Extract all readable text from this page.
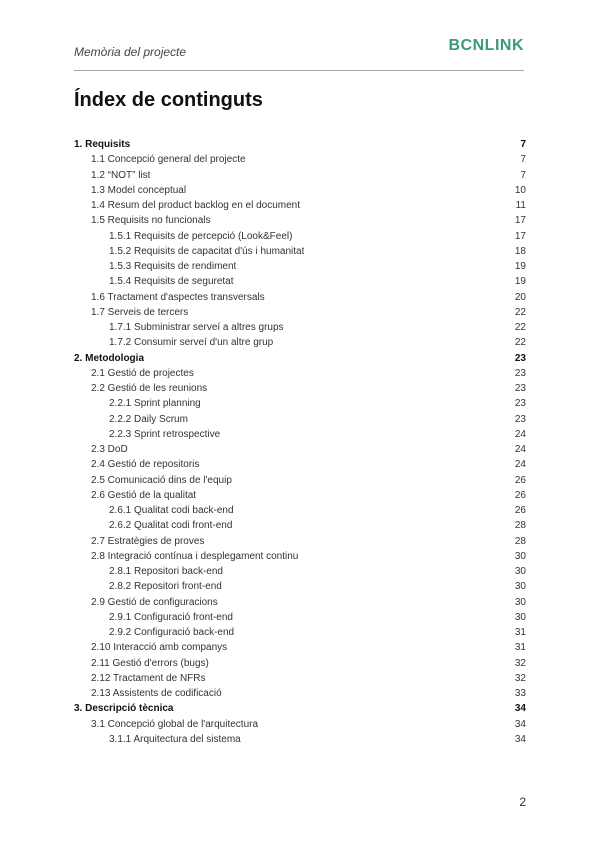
Memòria del projecte	BCNLINK
Índex de continguts
1. Requisits	7
1.1 Concepció general del projecte	7
1.2 “NOT” list	7
1.3 Model conceptual	10
1.4 Resum del product backlog en el document	11
1.5 Requisits no funcionals	17
1.5.1 Requisits de percepció (Look&Feel)	17
1.5.2 Requisits de capacitat d'ús i humanitat	18
1.5.3 Requisits de rendiment	19
1.5.4 Requisits de seguretat	19
1.6 Tractament d'aspectes transversals	20
1.7 Serveis de tercers	22
1.7.1 Subministrar serveí a altres grups	22
1.7.2 Consumir serveí d'un altre grup	22
2. Metodologia	23
2.1 Gestió de projectes	23
2.2 Gestió de les reunions	23
2.2.1 Sprint planning	23
2.2.2 Daily Scrum	23
2.2.3 Sprint retrospective	24
2.3 DoD	24
2.4 Gestió de repositoris	24
2.5 Comunicació dins de l'equip	26
2.6 Gestió de la qualitat	26
2.6.1 Qualitat codi back-end	26
2.6.2 Qualitat codi front-end	28
2.7 Estratègies de proves	28
2.8 Integració contínua i desplegament continu	30
2.8.1 Repositori back-end	30
2.8.2 Repositori front-end	30
2.9 Gestió de configuracions	30
2.9.1 Configuració front-end	30
2.9.2 Configuració back-end	31
2.10 Interacció amb companys	31
2.11 Gestió d'errors (bugs)	32
2.12 Tractament de NFRs	32
2.13 Assistents de codificació	33
3. Descripció tècnica	34
3.1 Concepció global de l'arquitectura	34
3.1.1 Arquitectura del sistema	34
2
